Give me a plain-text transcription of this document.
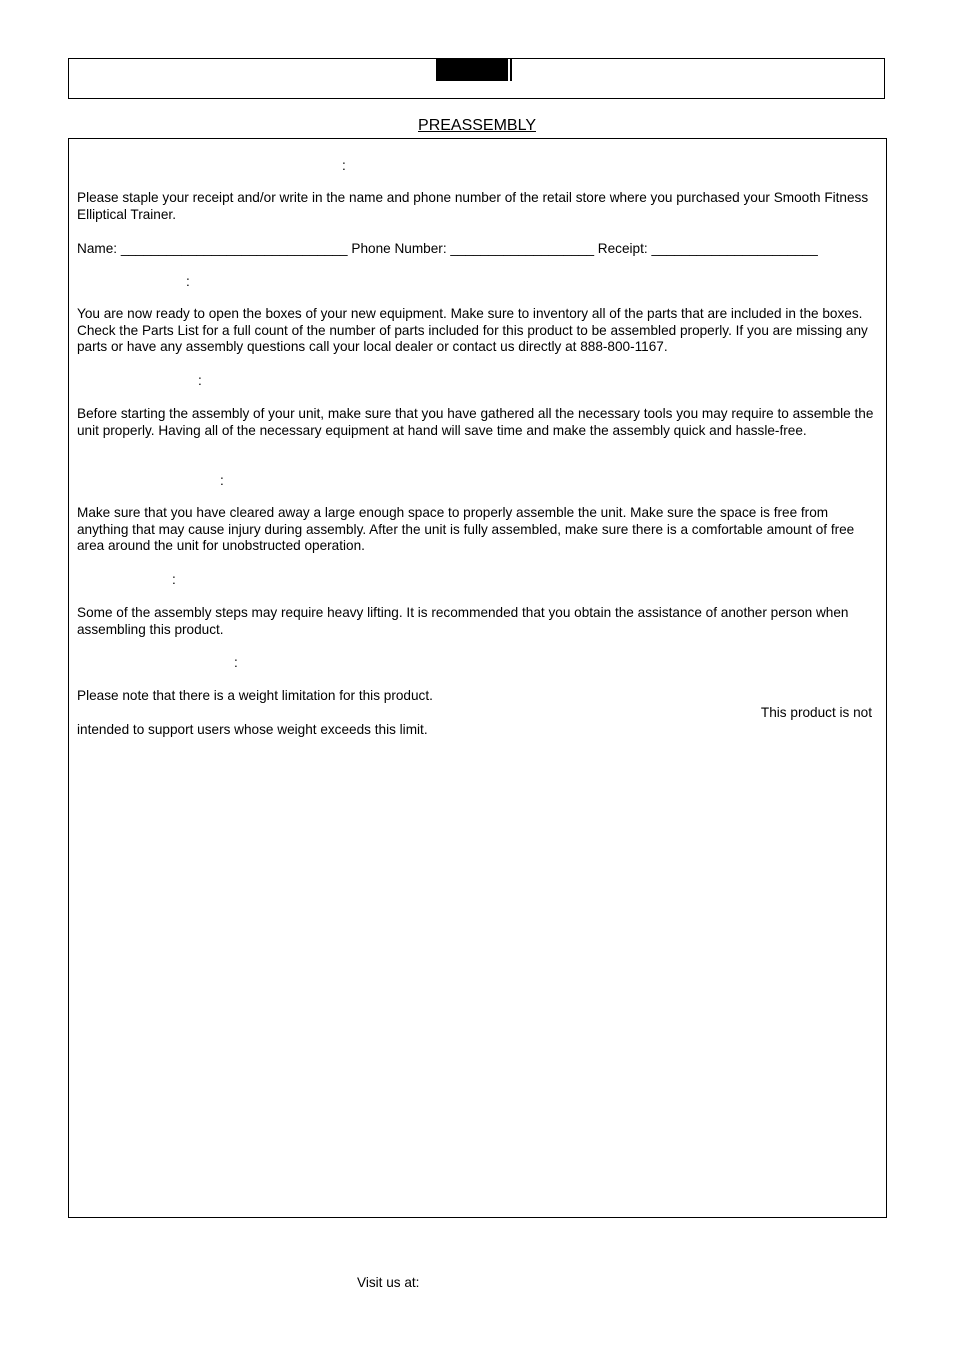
PREASSEMBLY
:
Please staple your receipt and/or write in the name and phone number of the retail store where you purchased your Smooth Fitness Elliptical Trainer.
Name: ______________________________ Phone Number: ___________________ Receipt: ______________________
:
You are now ready to open the boxes of your new equipment. Make sure to inventory all of the parts that are included in the boxes. Check the Parts List for a full count of the number of parts included for this product to be assembled properly. If you are missing any parts or have any assembly questions call your local dealer or contact us directly at 888-800-1167.
:
Before starting the assembly of your unit, make sure that you have gathered all the necessary tools you may require to assemble the unit properly. Having all of the necessary equipment at hand will save time and make the assembly quick and hassle-free.
:
Make sure that you have cleared away a large enough space to properly assemble the unit. Make sure the space is free from anything that may cause injury during assembly. After the unit is fully assembled, make sure there is a comfortable amount of free area around the unit for unobstructed operation.
:
Some of the assembly steps may require heavy lifting. It is recommended that you obtain the assistance of another person when assembling this product.
:
Please note that there is a weight limitation for this product.
This product is not
intended to support users whose weight exceeds this limit.
Visit us at:
